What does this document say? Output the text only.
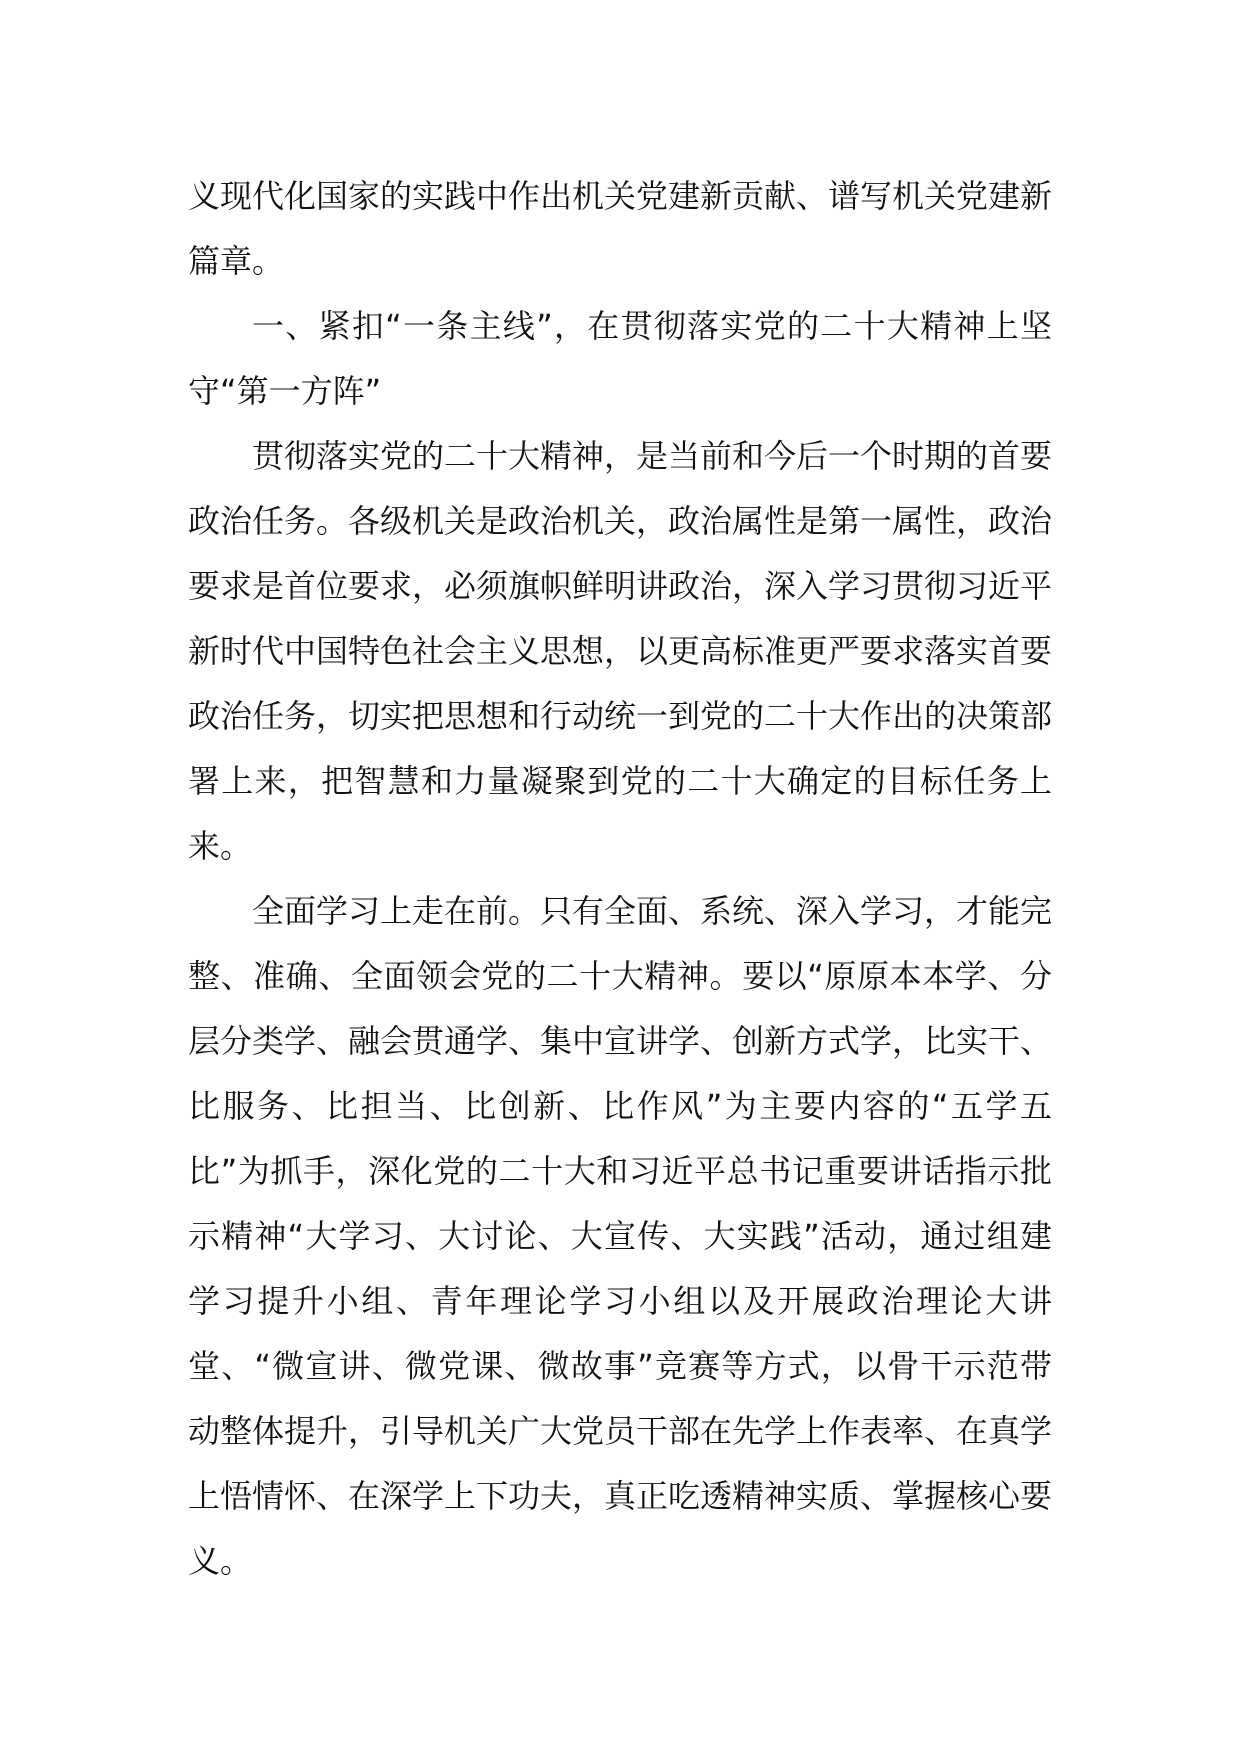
义现代化国家的实践中作出机关党建新贡献、谱写机关党建新篇章。

一、紧扣“一条主线”，在贯彻落实党的二十大精神上坚守“第一方阵”

贯彻落实党的二十大精神，是当前和今后一个时期的首要政治任务。各级机关是政治机关，政治属性是第一属性，政治要求是首位要求，必须旗帜鲜明讲政治，深入学习贯彻习近平新时代中国特色社会主义思想，以更高标准更严要求落实首要政治任务，切实把思想和行动统一到党的二十大作出的决策部署上来，把智慧和力量凝聚到党的二十大确定的目标任务上来。

全面学习上走在前。只有全面、系统、深入学习，才能完整、准确、全面领会党的二十大精神。要以“原原本本学、分层分类学、融会贯通学、集中宣讲学、创新方式学，比实干、比服务、比担当、比创新、比作风”为主要内容的“五学五比”为抓手，深化党的二十大和习近平总书记重要讲话指示批示精神“大学习、大讨论、大宣传、大实践”活动，通过组建学习提升小组、青年理论学习小组以及开展政治理论大讲堂、“微宣讲、微党课、微故事”竞赛等方式，以骨干示范带动整体提升，引导机关广大党员干部在先学上作表率、在真学上悟情怀、在深学上下功夫，真正吃透精神实质、掌握核心要义。
